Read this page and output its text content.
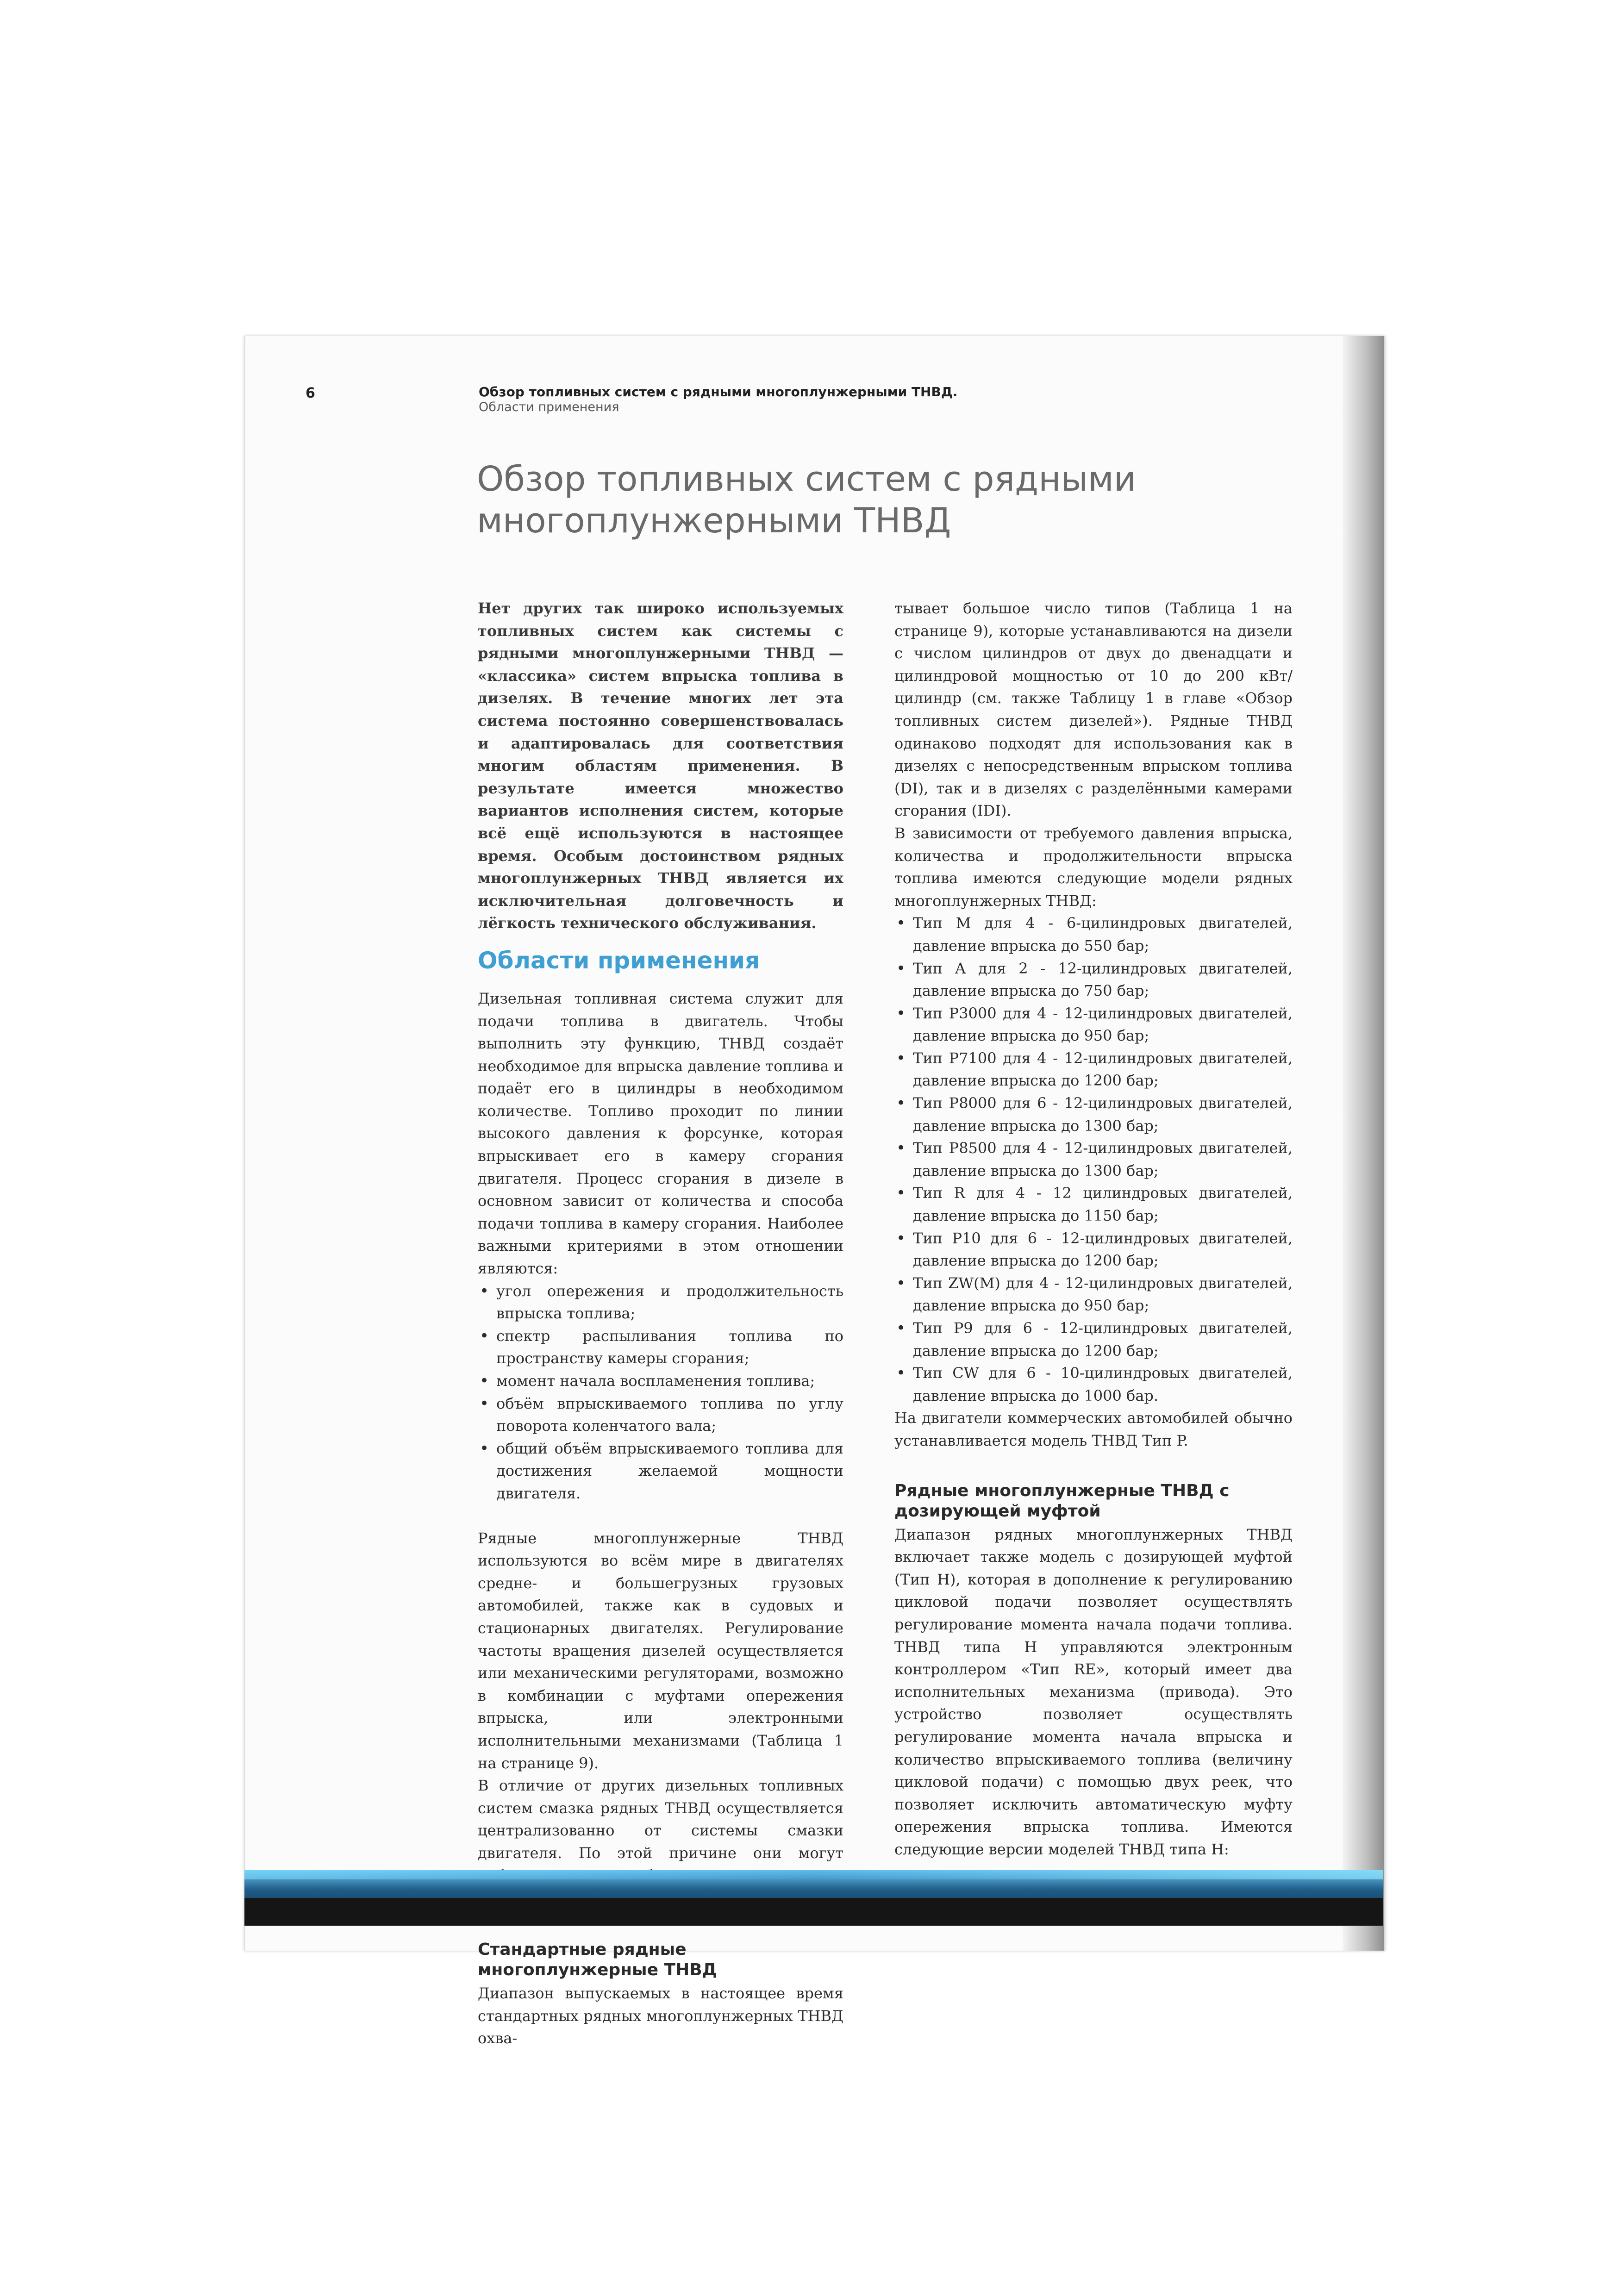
6	Обзор топливных систем с рядными многоплунжерными ТНВД.
Области применения
Обзор топливных систем с рядными
многоплунжерными ТНВД

Нет других так широко используемых топливных систем как системы с рядными многоплунжерными ТНВД — «классика» систем впрыска топлива в дизелях. В течение многих лет эта система постоянно совершенствовалась и адаптировалась для соответствия многим областям применения. В результате имеется множество вариантов исполнения систем, которые всё ещё используются в настоящее время. Особым достоинством рядных многоплунжерных ТНВД является их исключительная долговечность и лёгкость технического обслуживания.

Области применения

Дизельная топливная система служит для подачи топлива в двигатель. Чтобы выполнить эту функцию, ТНВД создаёт необходимое для впрыска давление топлива и подаёт его в цилиндры в необходимом количестве. Топливо проходит по линии высокого давления к форсунке, которая впрыскивает его в камеру сгорания двигателя. Процесс сгорания в дизеле в основном зависит от количества и способа подачи топлива в камеру сгорания. Наиболее важными критериями в этом отношении являются:

• угол опережения и продолжительность впрыска топлива;
• спектр распыливания топлива по пространству камеры сгорания;
• момент начала воспламенения топлива;
• объём впрыскиваемого топлива по углу поворота коленчатого вала;
• общий объём впрыскиваемого топлива для достижения желаемой мощности двигателя.

Рядные многоплунжерные ТНВД используются во всём мире в двигателях средне- и большегрузных грузовых автомобилей, также как в судовых и стационарных двигателях. Регулирование частоты вращения дизелей осуществляется или механическими регуляторами, возможно в комбинации с муфтами опережения впрыска, или электронными исполнительными механизмами (Таблица 1 на странице 9).

В отличие от других дизельных топливных систем смазка рядных ТНВД осуществляется централизованно от системы смазки двигателя. По этой причине они могут

Стандартные рядные многоплунжерные ТНВД

Диапазон выпускаемых в настоящее время стандартных рядных многоплунжерных ТНВД охва-

тывает большое число типов (Таблица 1 на странице 9), которые устанавливаются на дизели с числом цилиндров от двух до двенадцати и цилиндровой мощностью от 10 до 200 кВт/цилиндр (см. также Таблицу 1 в главе «Обзор топливных систем дизелей»). Рядные ТНВД одинаково подходят для использования как в дизелях с непосредственным впрыском топлива (DI), так и в дизелях с разделёнными камерами сгорания (IDI).

В зависимости от требуемого давления впрыска, количества и продолжительности впрыска топлива имеются следующие модели рядных многоплунжерных ТНВД:

• Тип M для 4 - 6-цилиндровых двигателей, давление впрыска до 550 бар;
• Тип A для 2 - 12-цилиндровых двигателей, давление впрыска до 750 бар;
• Тип P3000 для 4 - 12-цилиндровых двигателей, давление впрыска до 950 бар;
• Тип P7100 для 4 - 12-цилиндровых двигателей, давление впрыска до 1200 бар;
• Тип P8000 для 6 - 12-цилиндровых двигателей, давление впрыска до 1300 бар;
• Тип P8500 для 4 - 12-цилиндровых двигателей, давление впрыска до 1300 бар;
• Тип R для 4 - 12 цилиндровых двигателей, давление впрыска до 1150 бар;
• Тип P10 для 6 - 12-цилиндровых двигателей, давление впрыска до 1200 бар;
• Тип ZW(M) для 4 - 12-цилиндровых двигателей, давление впрыска до 950 бар;
• Тип P9 для 6 - 12-цилиндровых двигателей, давление впрыска до 1200 бар;
• Тип CW для 6 - 10-цилиндровых двигателей, давление впрыска до 1000 бар.

На двигатели коммерческих автомобилей обычно устанавливается модель ТНВД Тип P.

Рядные многоплунжерные ТНВД с дозирующей муфтой

Диапазон рядных многоплунжерных ТНВД включает также модель с дозирующей муфтой (Тип H), которая в дополнение к регулированию цикловой подачи позволяет осуществлять регулирование момента начала подачи топлива. ТНВД типа H управляются электронным контроллером «Тип RE», который имеет два исполнительных механизма (привода). Это устройство позволяет осуществлять регулирование момента начала впрыска и количество впрыскиваемого топлива (величину цикловой подачи) с помощью двух реек, что позволяет исключить автоматическую муфту опережения впрыска топлива. Имеются следующие версии моделей ТНВД типа H:
